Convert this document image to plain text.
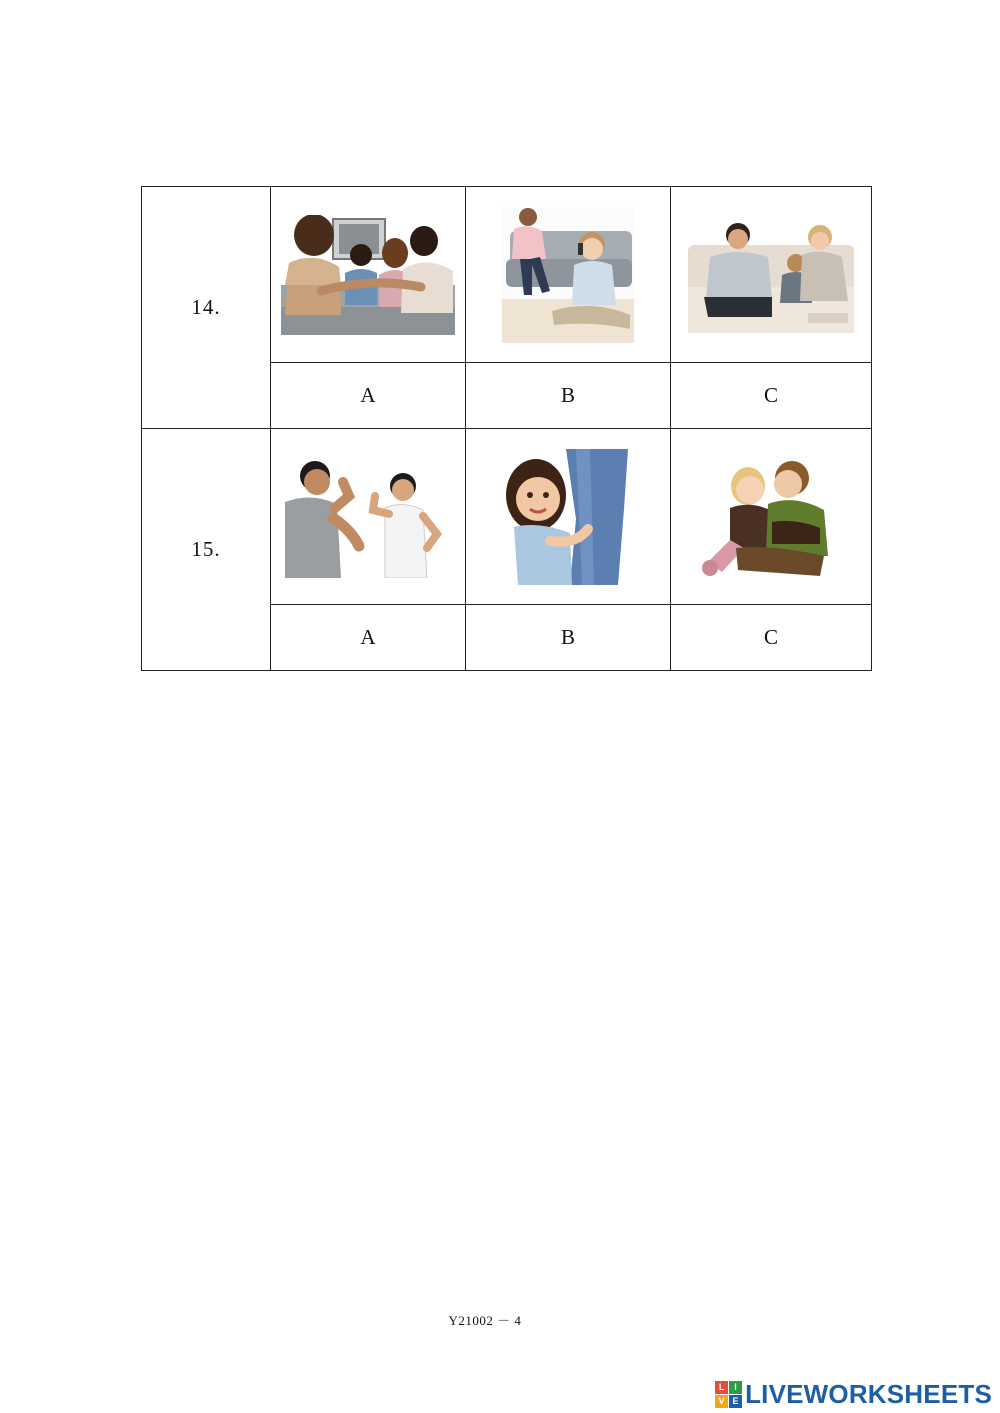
14.	

	A	B	C
15.	

	A	B	C
Y21002 － 4
L	I
V E LIVEWORKSHEETS
